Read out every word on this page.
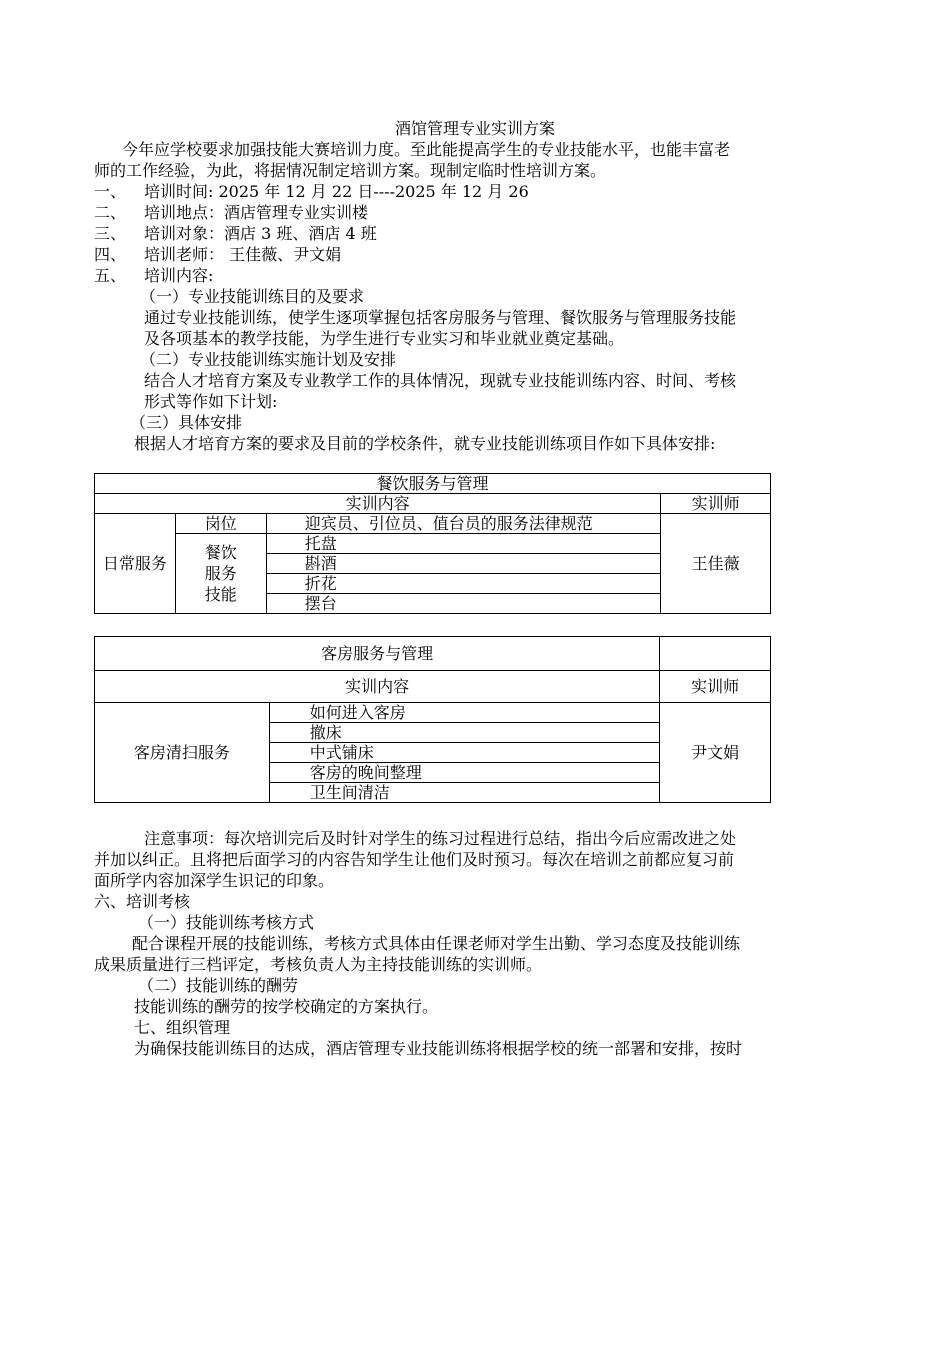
酒馆管理专业实训方案
今年应学校要求加强技能大赛培训力度。至此能提高学生的专业技能水平，也能丰富老
师的工作经验，为此，将据情况制定培训方案。现制定临时性培训方案。
一、 培训时间: 2025 年 12 月 22 日----2025 年 12 月 26
二、 培训地点：酒店管理专业实训楼
三、 培训对象：酒店 3 班、酒店 4 班
四、 培训老师： 王佳薇、尹文娟
五、 培训内容:
（一）专业技能训练目的及要求
通过专业技能训练，使学生逐项掌握包括客房服务与管理、餐饮服务与管理服务技能
及各项基本的教学技能，为学生进行专业实习和毕业就业奠定基础。
（二）专业技能训练实施计划及安排
结合人才培育方案及专业教学工作的具体情况，现就专业技能训练内容、时间、考核
形式等作如下计划:
（三）具体安排
根据人才培育方案的要求及目前的学校条件，就专业技能训练项目作如下具体安排:
餐饮服务与管理			
实训内容			实训师
日常服务	岗位	迎宾员、引位员、值台员的服务法律规范	王佳薇

	餐饮
服务
技能	托盘	
		斟酒	
		折花	
		摆台	
客房服务与管理		
实训内容		实训师
客房清扫服务	如何进入客房	尹文娟
	撤床	
	中式铺床	
	客房的晚间整理	
	卫生间清洁	
注意事项：每次培训完后及时针对学生的练习过程进行总结，指出今后应需改进之处
并加以纠正。且将把后面学习的内容告知学生让他们及时预习。每次在培训之前都应复习前
面所学内容加深学生识记的印象。
六、培训考核
（一）技能训练考核方式
配合课程开展的技能训练，考核方式具体由任课老师对学生出勤、学习态度及技能训练
成果质量进行三档评定，考核负责人为主持技能训练的实训师。
（二）技能训练的酬劳
技能训练的酬劳的按学校确定的方案执行。
七、组织管理
为确保技能训练目的达成，酒店管理专业技能训练将根据学校的统一部署和安排，按时
